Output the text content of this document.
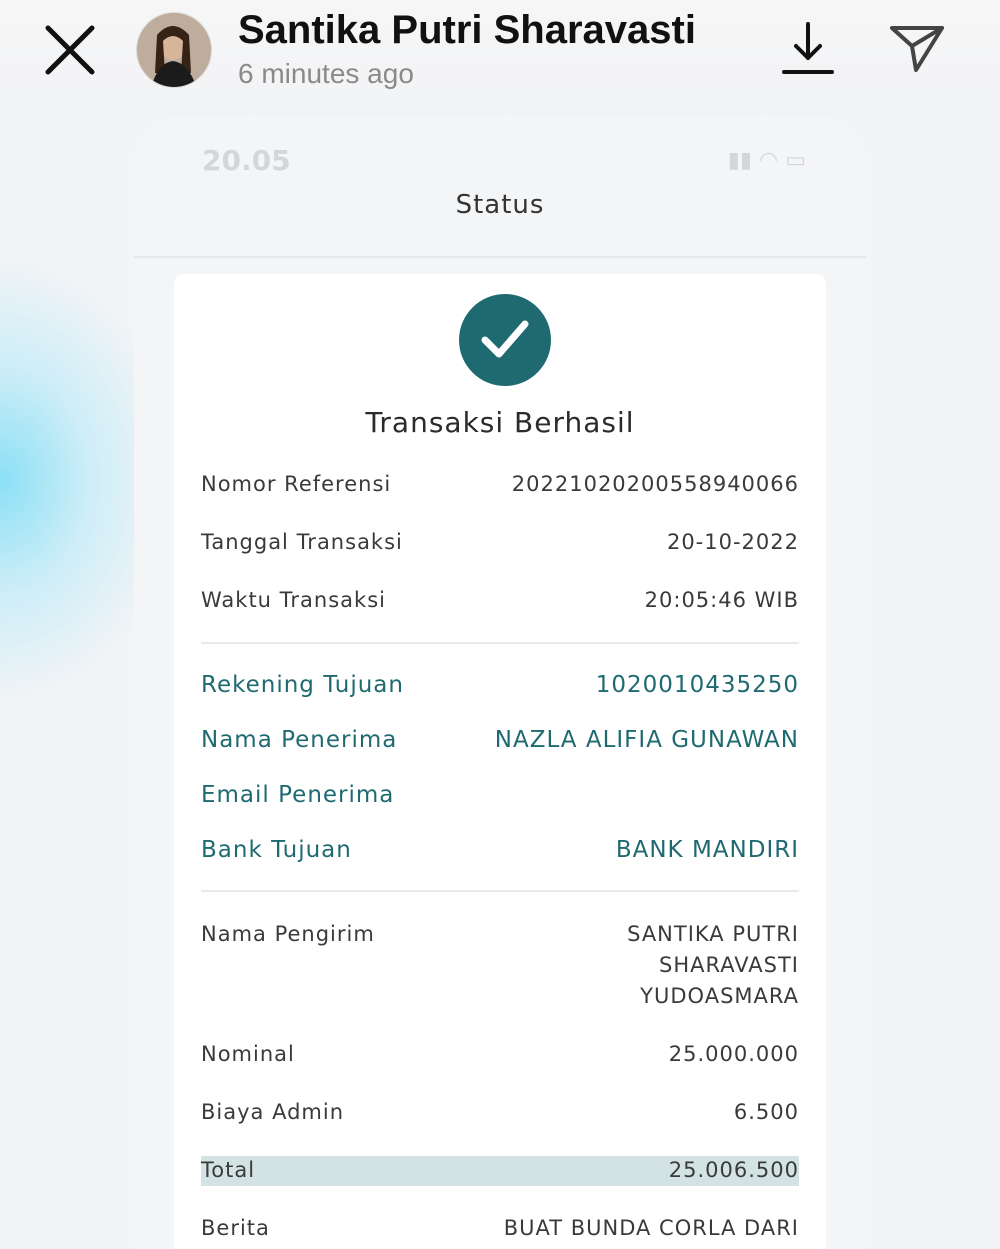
Santika Putri Sharavasti
6 minutes ago
20.05	▮▮ ◠ ▭
Status
Transaksi Berhasil
Nomor Referensi	20221020200558940066
Tanggal Transaksi	20-10-2022
Waktu Transaksi	20:05:46 WIB
Rekening Tujuan	1020010435250
Nama Penerima	NAZLA ALIFIA GUNAWAN
Email Penerima
Bank Tujuan	BANK MANDIRI
Nama Pengirim	SANTIKA PUTRI
SHARAVASTI
YUDOASMARA
Nominal	25.000.000
Biaya Admin	6.500
Total	25.006.500
Berita	BUAT BUNDA CORLA DARI
